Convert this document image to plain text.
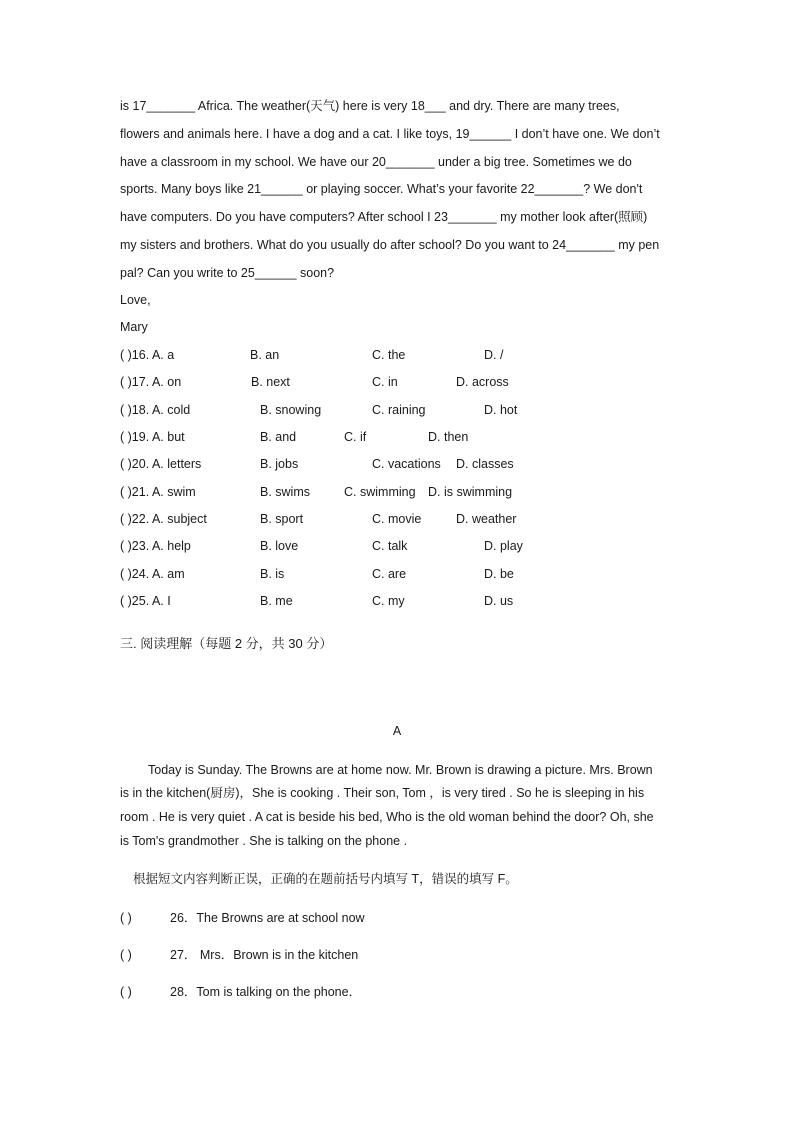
is 17_______ Africa. The weather(天气) here is very 18___ and dry. There are many trees,
flowers and animals here. I have a dog and a cat. I like toys, 19______ I don’t have one. We don’t
have a classroom in my school. We have our 20_______ under a big tree. Sometimes we do
sports. Many boys like 21______ or playing soccer. What’s your favorite 22_______? We don't
have computers. Do you have computers? After school I 23_______ my mother look after(照顾)
my sisters and brothers. What do you usually do after school? Do you want to 24_______ my pen
pal? Can you write to 25______ soon?
Love,
Mary
( )16. A. a	B. an	C. the	D. /
( )17. A. on	B. next	C. in	D. across
( )18. A. cold	B. snowing	C. raining	D. hot
( )19. A. but	B. and	C. if	D. then
( )20. A. letters	B. jobs	C. vacations D. classes
( )21. A. swim	B. swims	C. swimming D. is swimming
( )22. A. subject	B. sport	C. movie	D. weather
( )23. A. help	B. love	C. talk	D. play
( )24. A. am	B. is	C. are	D. be
( )25. A. I	B. me	C. my	D. us
三. 阅读理解（每题 2 分，共 30 分）
A
Today is Sunday. The Browns are at home now. Mr. Brown is drawing a picture. Mrs. Brown
is in the kitchen(厨房)，She is cooking . Their son, Tom ，is very tired . So he is sleeping in his
room . He is very quiet . A cat is beside his bed, Who is the old woman behind the door? Oh, she
is Tom's grandmother . She is talking on the phone .
根据短文内容判断正误，正确的在题前括号内填写 T，错误的填写 F。
( )	26．The Browns are at school now
( )	27． Mrs．Brown is in the kitchen
( )	28．Tom is talking on the phone．
